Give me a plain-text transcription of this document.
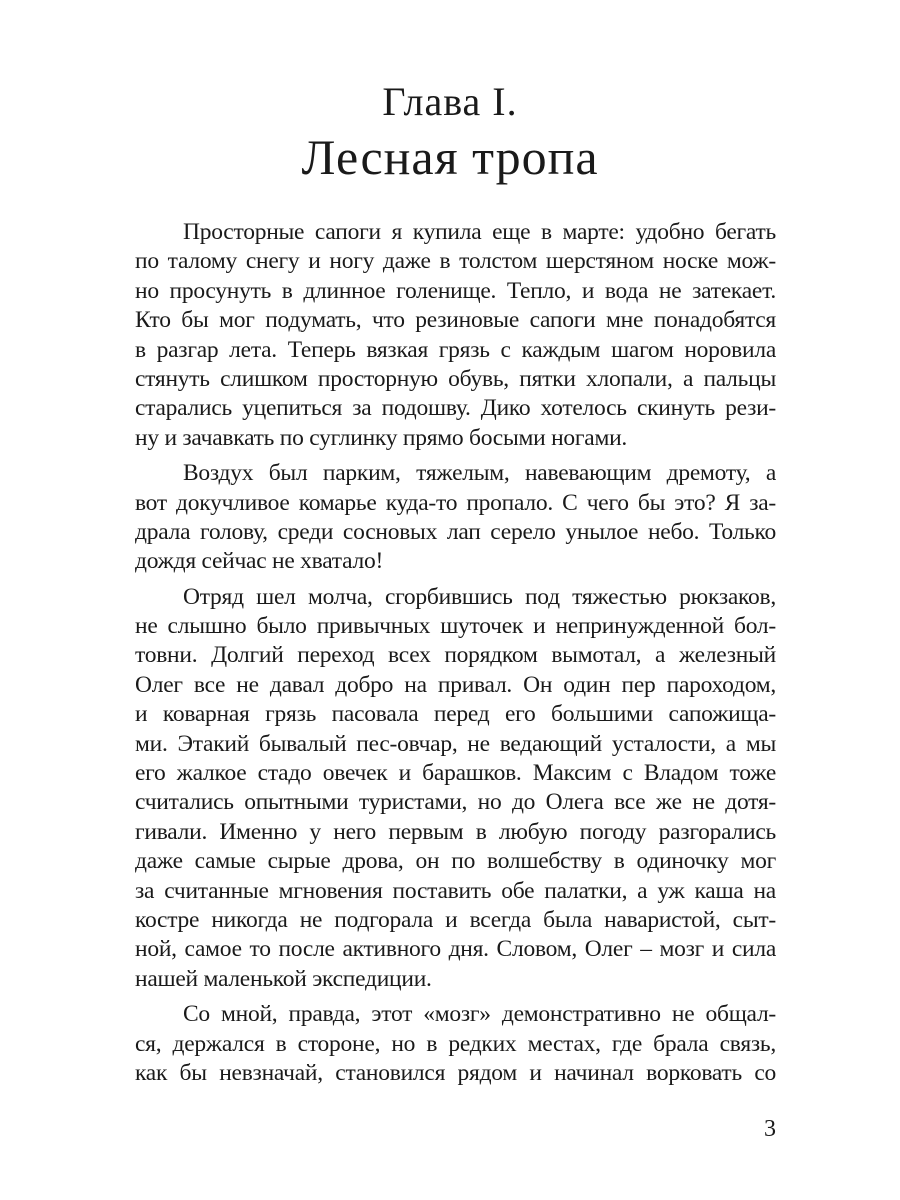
Глава I.
Лесная тропа
Просторные сапоги я купила еще в марте: удобно бегать
по талому снегу и ногу даже в толстом шерстяном носке мож-
но просунуть в длинное голенище. Тепло, и вода не затекает.
Кто бы мог подумать, что резиновые сапоги мне понадобятся
в разгар лета. Теперь вязкая грязь с каждым шагом норовила
стянуть слишком просторную обувь, пятки хлопали, а пальцы
старались уцепиться за подошву. Дико хотелось скинуть рези-
ну и зачавкать по суглинку прямо босыми ногами.
Воздух был парким, тяжелым, навевающим дремоту, а
вот докучливое комарье куда-то пропало. С чего бы это? Я за-
драла голову, среди сосновых лап серело унылое небо. Только
дождя сейчас не хватало!
Отряд шел молча, сгорбившись под тяжестью рюкзаков,
не слышно было привычных шуточек и непринужденной бол-
товни. Долгий переход всех порядком вымотал, а железный
Олег все не давал добро на привал. Он один пер пароходом,
и коварная грязь пасовала перед его большими сапожища-
ми. Этакий бывалый пес-овчар, не ведающий усталости, а мы
его жалкое стадо овечек и барашков. Максим с Владом тоже
считались опытными туристами, но до Олега все же не дотя-
гивали. Именно у него первым в любую погоду разгорались
даже самые сырые дрова, он по волшебству в одиночку мог
за считанные мгновения поставить обе палатки, а уж каша на
костре никогда не подгорала и всегда была наваристой, сыт-
ной, самое то после активного дня. Словом, Олег – мозг и сила
нашей маленькой экспедиции.
Со мной, правда, этот «мозг» демонстративно не общал-
ся, держался в стороне, но в редких местах, где брала связь,
как бы невзначай, становился рядом и начинал ворковать со
3
